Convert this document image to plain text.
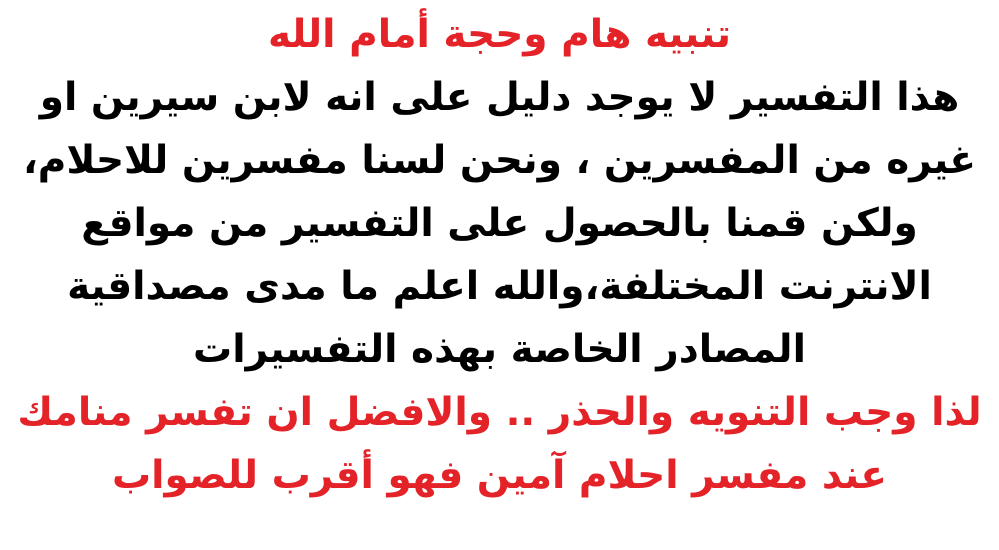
تنبيه هام وحجة أمام الله
هذا التفسير لا يوجد دليل على انه لابن سيرين او
غيره من المفسرين ، ونحن لسنا مفسرين للاحلام،
ولكن قمنا بالحصول على التفسير من مواقع
الانترنت المختلفة،والله اعلم ما مدى مصداقية
المصادر الخاصة بهذه التفسيرات
لذا وجب التنويه والحذر .. والافضل ان تفسر منامك
عند مفسر احلام آمين فهو أقرب للصواب
